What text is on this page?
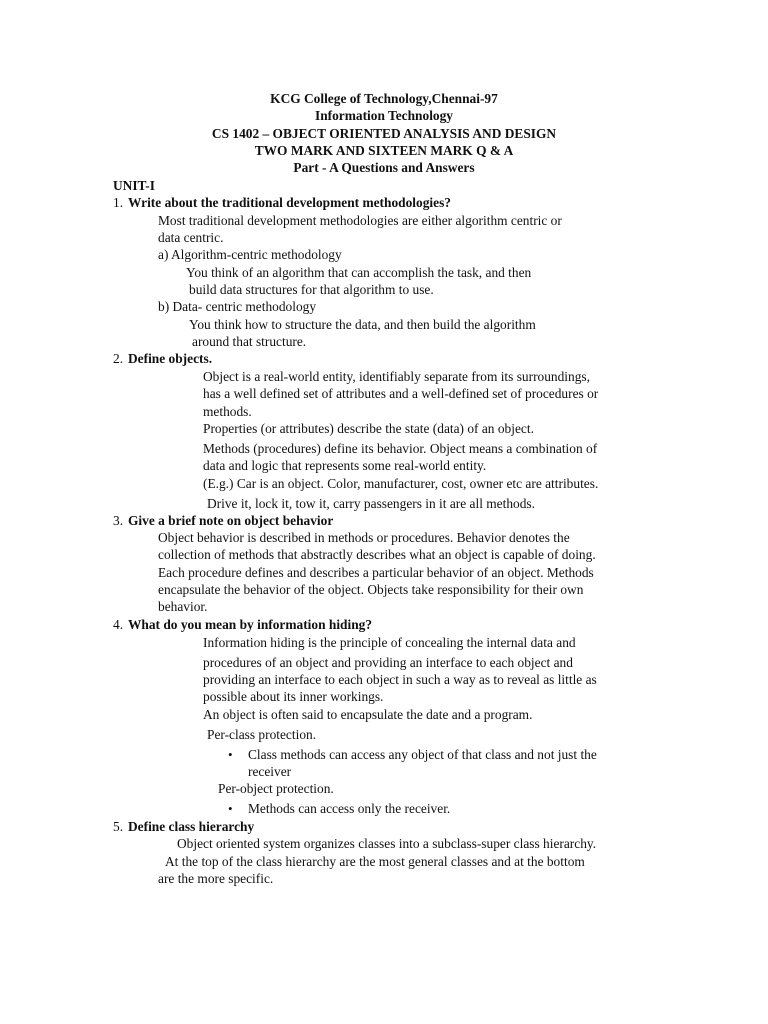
KCG College of Technology,Chennai-97
Information Technology
CS 1402 – OBJECT ORIENTED ANALYSIS AND DESIGN
TWO MARK AND SIXTEEN MARK Q & A
Part - A Questions and Answers
UNIT-I
1. Write about the traditional development methodologies?
Most traditional development methodologies are either algorithm centric or
data centric.
a) Algorithm-centric methodology
You think of an algorithm that can accomplish the task, and then
build data structures for that algorithm to use.
b) Data- centric methodology
You think how to structure the data, and then build the algorithm
around that structure.
2. Define objects.
Object is a real-world entity, identifiably separate from its surroundings,
has a well defined set of attributes and a well-defined set of procedures or
methods.
Properties (or attributes) describe the state (data) of an object.
Methods (procedures) define its behavior. Object means a combination of
data and logic that represents some real-world entity.
(E.g.) Car is an object. Color, manufacturer, cost, owner etc are attributes.
Drive it, lock it, tow it, carry passengers in it are all methods.
3. Give a brief note on object behavior
Object behavior is described in methods or procedures. Behavior denotes the
collection of methods that abstractly describes what an object is capable of doing.
Each procedure defines and describes a particular behavior of an object. Methods
encapsulate the behavior of the object. Objects take responsibility for their own
behavior.
4. What do you mean by information hiding?
Information hiding is the principle of concealing the internal data and
procedures of an object and providing an interface to each object and
providing an interface to each object in such a way as to reveal as little as
possible about its inner workings.
An object is often said to encapsulate the date and a program.
Per-class protection.
• Class methods can access any object of that class and not just the
receiver
Per-object protection.
• Methods can access only the receiver.
5. Define class hierarchy
Object oriented system organizes classes into a subclass-super class hierarchy.
At the top of the class hierarchy are the most general classes and at the bottom
are the more specific.
